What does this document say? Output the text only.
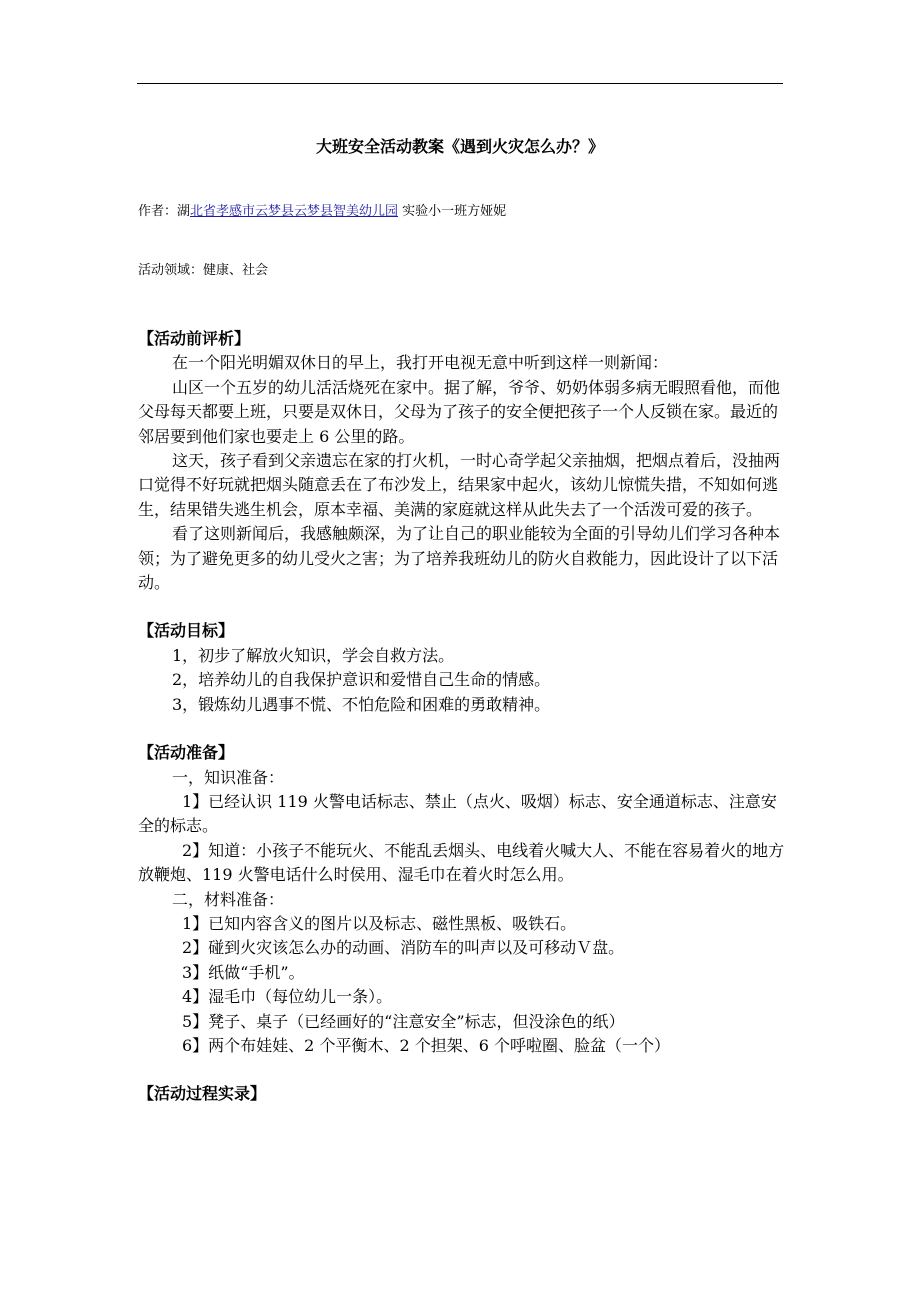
大班安全活动教案《遇到火灾怎么办？》
作者：湖北省孝感市云梦县云梦县智美幼儿园 实验小一班方娅妮
活动领域：健康、社会

【活动前评析】

在一个阳光明媚双休日的早上，我打开电视无意中听到这样一则新闻：

山区一个五岁的幼儿活活烧死在家中。据了解，爷爷、奶奶体弱多病无暇照看他，而他父母每天都要上班，只要是双休日，父母为了孩子的安全便把孩子一个人反锁在家。最近的邻居要到他们家也要走上 6 公里的路。

这天，孩子看到父亲遗忘在家的打火机，一时心奇学起父亲抽烟，把烟点着后，没抽两口觉得不好玩就把烟头随意丢在了布沙发上，结果家中起火，该幼儿惊慌失措，不知如何逃生，结果错失逃生机会，原本幸福、美满的家庭就这样从此失去了一个活泼可爱的孩子。

看了这则新闻后，我感触颇深，为了让自己的职业能较为全面的引导幼儿们学习各种本领；为了避免更多的幼儿受火之害；为了培养我班幼儿的防火自救能力，因此设计了以下活动。

【活动目标】

1，初步了解放火知识，学会自救方法。

2，培养幼儿的自我保护意识和爱惜自己生命的情感。

3，锻炼幼儿遇事不慌、不怕危险和困难的勇敢精神。

【活动准备】

一，知识准备：

1】已经认识 119 火警电话标志、禁止（点火、吸烟）标志、安全通道标志、注意安全的标志。

2】知道：小孩子不能玩火、不能乱丢烟头、电线着火喊大人、不能在容易着火的地方放鞭炮、119 火警电话什么时侯用、湿毛巾在着火时怎么用。

二，材料准备：

1】已知内容含义的图片以及标志、磁性黑板、吸铁石。

2】碰到火灾该怎么办的动画、消防车的叫声以及可移动Ｖ盘。

3】纸做“手机”。

4】湿毛巾（每位幼儿一条）。

5】凳子、桌子（已经画好的“注意安全”标志，但没涂色的纸）

6】两个布娃娃、2 个平衡木、2 个担架、6 个呼啦圈、脸盆（一个）

【活动过程实录】
